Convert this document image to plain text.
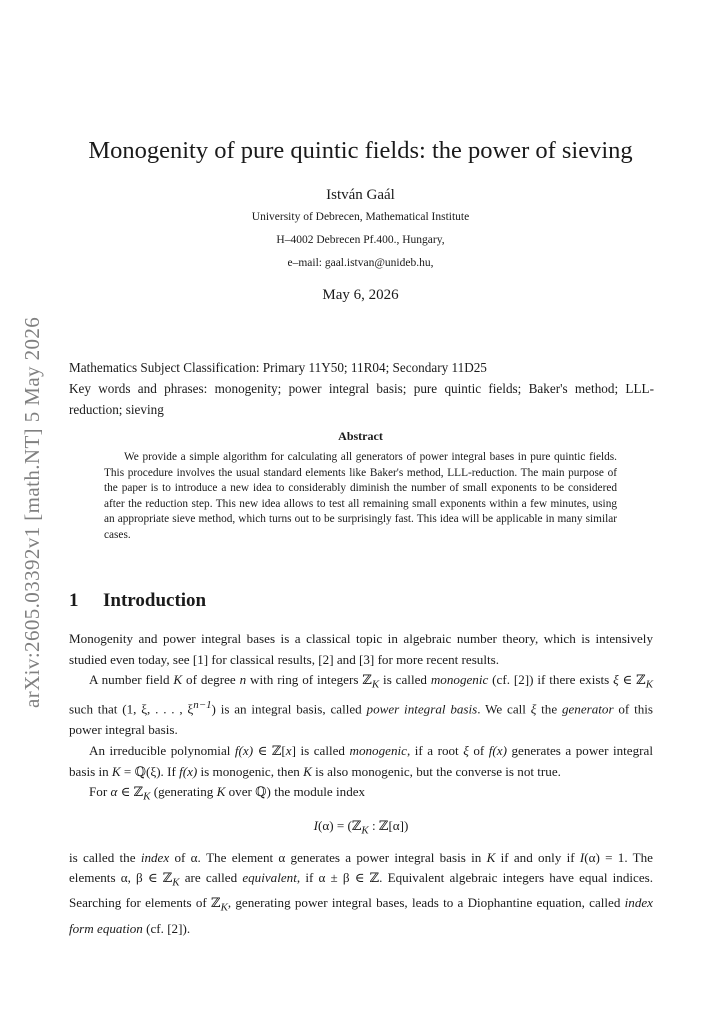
arXiv:2605.03392v1 [math.NT] 5 May 2026
Monogenity of pure quintic fields: the power of sieving
István Gaál
University of Debrecen, Mathematical Institute
H–4002 Debrecen Pf.400., Hungary,
e–mail: gaal.istvan@unideb.hu,
May 6, 2026
Mathematics Subject Classification: Primary 11Y50; 11R04; Secondary 11D25
Key words and phrases: monogenity; power integral basis; pure quintic fields; Baker's method; LLL-reduction; sieving
Abstract
We provide a simple algorithm for calculating all generators of power integral bases in pure quintic fields. This procedure involves the usual standard elements like Baker's method, LLL-reduction. The main purpose of the paper is to introduce a new idea to considerably diminish the number of small exponents to be considered after the reduction step. This new idea allows to test all remaining small exponents within a few minutes, using an appropriate sieve method, which turns out to be surprisingly fast. This idea will be applicable in many similar cases.
1 Introduction

Monogenity and power integral bases is a classical topic in algebraic number theory, which is intensively studied even today, see [1] for classical results, [2] and [3] for more recent results.

A number field K of degree n with ring of integers ℤ$_K$ is called monogenic (cf. [2]) if there exists ξ ∈ ℤ$_K$ such that (1, ξ, . . . , $\xi^{n-1}$) is an integral basis, called power integral basis. We call ξ the generator of this power integral basis.

An irreducible polynomial f(x) ∈ ℤ[x] is called monogenic, if a root ξ of f(x) generates a power integral basis in K = ℚ(ξ). If f(x) is monogenic, then K is also monogenic, but the converse is not true.

For α ∈ ℤ$_K$ (generating K over ℚ) the module index

I(α) = (ℤ$_K$ : ℤ[α])

is called the index of α. The element α generates a power integral basis in K if and only if I(α) = 1. The elements α, β ∈ ℤ$_K$ are called equivalent, if α ± β ∈ ℤ. Equivalent algebraic integers have equal indices. Searching for elements of ℤ$_K$, generating power integral bases, leads to a Diophantine equation, called index form equation (cf. [2]).
